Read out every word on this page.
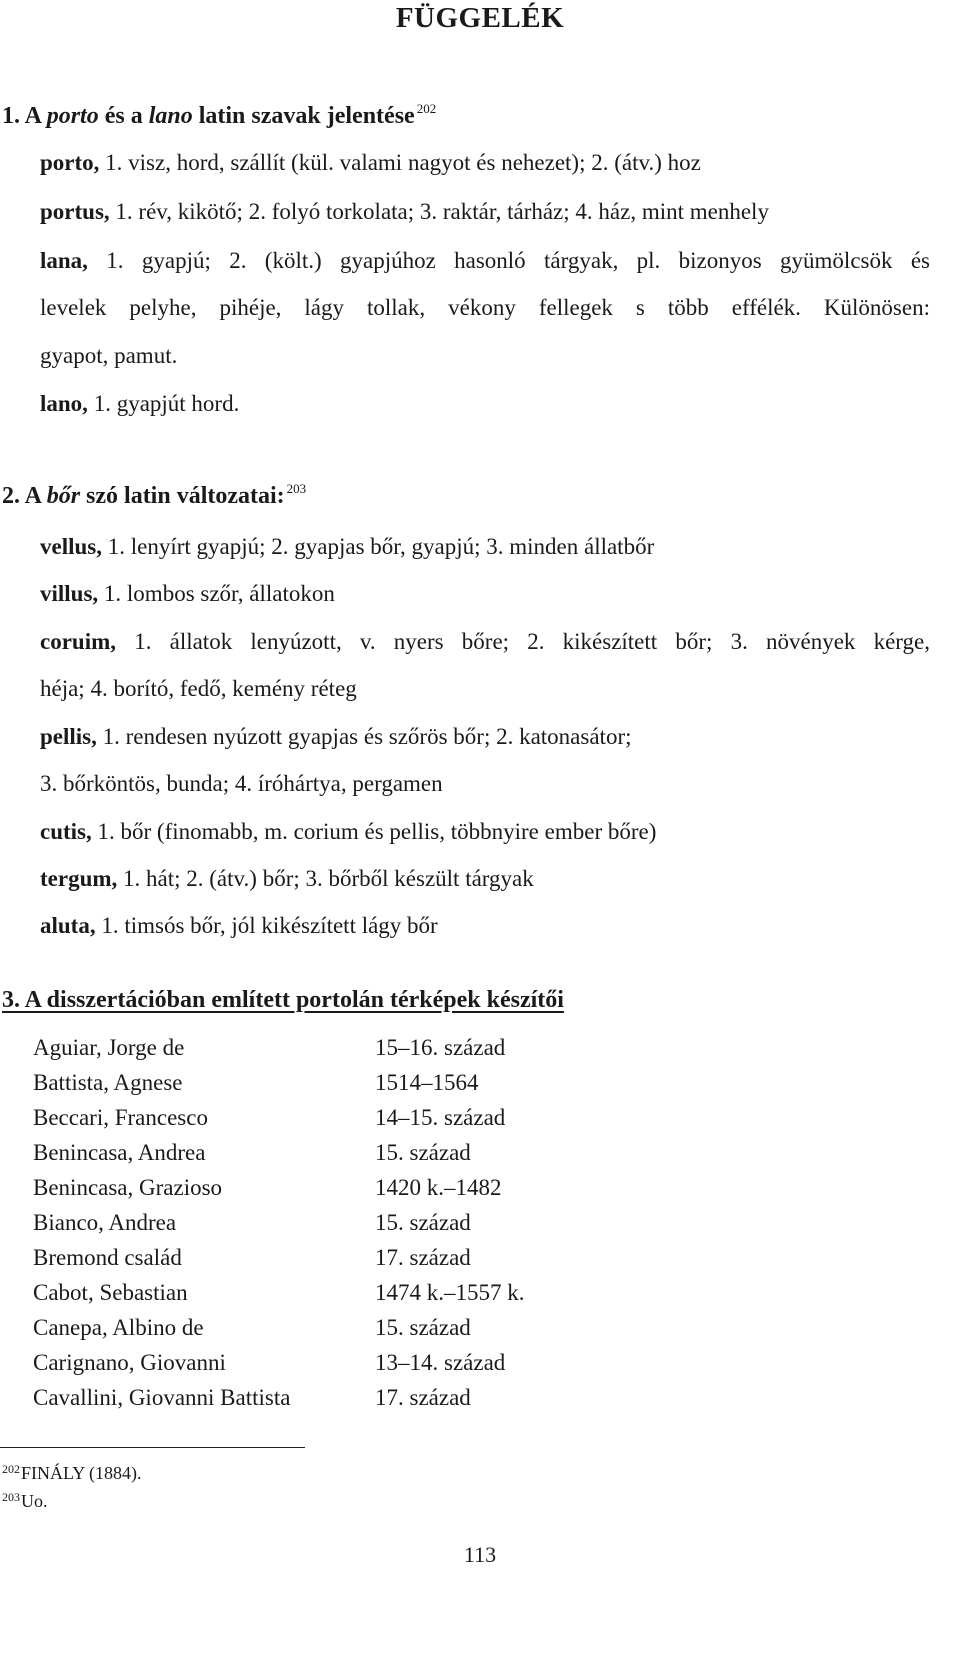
FÜGGELÉK
1. A porto és a lano latin szavak jelentése $^{202}$
porto, 1. visz, hord, szállít (kül. valami nagyot és nehezet); 2. (átv.) hoz
portus, 1. rév, kikötő; 2. folyó torkolata; 3. raktár, tárház; 4. ház, mint menhely
lana, 1. gyapjú; 2. (költ.) gyapjúhoz hasonló tárgyak, pl. bizonyos gyümölcsök és
levelek pelyhe, pihéje, lágy tollak, vékony fellegek s több effélék. Különösen:
gyapot, pamut.
lano, 1. gyapjút hord.
2. A bőr szó latin változatai: $^{203}$
vellus, 1. lenyírt gyapjú; 2. gyapjas bőr, gyapjú; 3. minden állatbőr
villus, 1. lombos szőr, állatokon
coruim, 1. állatok lenyúzott, v. nyers bőre; 2. kikészített bőr; 3. növények kérge,
héja; 4. borító, fedő, kemény réteg
pellis, 1. rendesen nyúzott gyapjas és szőrös bőr; 2. katonasátor;
3. bőrköntös, bunda; 4. íróhártya, pergamen
cutis, 1. bőr (finomabb, m. corium és pellis, többnyire ember bőre)
tergum, 1. hát; 2. (átv.) bőr; 3. bőrből készült tárgyak
aluta, 1. timsós bőr, jól kikészített lágy bőr
3. A disszertációban említett portolán térképek készítői
Aguiar, Jorge de	15–16. század
Battista, Agnese	1514–1564
Beccari, Francesco	14–15. század
Benincasa, Andrea	15. század
Benincasa, Grazioso	1420 k.–1482
Bianco, Andrea	15. század
Bremond család	17. század
Cabot, Sebastian	1474 k.–1557 k.
Canepa, Albino de	15. század
Carignano, Giovanni	13–14. század
Cavallini, Giovanni Battista	17. század
$^{202}$FINÁLY (1884).
$^{203}$Uo.
113
